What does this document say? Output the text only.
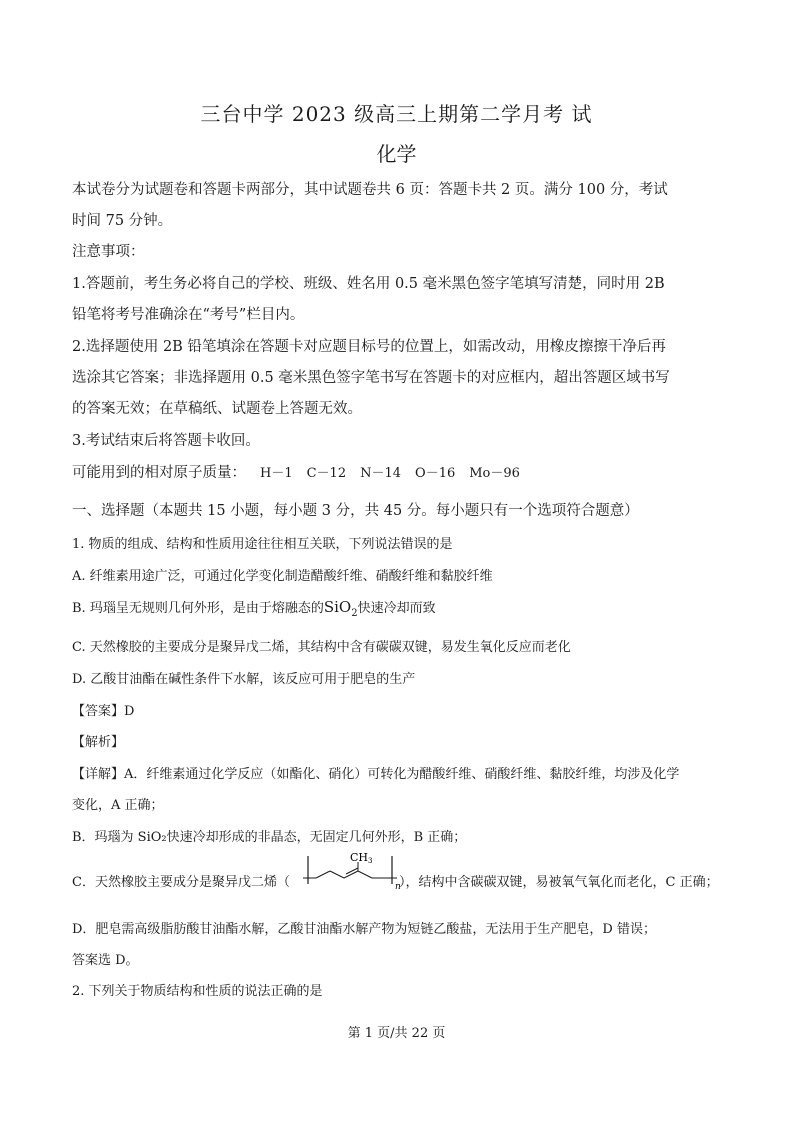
三台中学 2023 级高三上期第二学月考 试
化学
本试卷分为试题卷和答题卡两部分，其中试题卷共 6 页：答题卡共 2 页。满分 100 分，考试
时间 75 分钟。
注意事项：
1.答题前，考生务必将自己的学校、班级、姓名用 0.5 毫米黑色签字笔填写清楚，同时用 2B
铅笔将考号准确涂在“考号”栏目内。
2.选择题使用 2B 铅笔填涂在答题卡对应题目标号的位置上，如需改动，用橡皮擦擦干净后再
选涂其它答案；非选择题用 0.5 毫米黑色签字笔书写在答题卡的对应框内，超出答题区域书写
的答案无效；在草稿纸、试题卷上答题无效。
3.考试结束后将答题卡收回。
可能用到的相对原子质量： H－1 C－12 N－14 O－16 Mo－96
一、选择题（本题共 15 小题，每小题 3 分，共 45 分。每小题只有一个选项符合题意）
1. 物质的组成、结构和性质用途往往相互关联，下列说法错误的是
A. 纤维素用途广泛，可通过化学变化制造醋酸纤维、硝酸纤维和黏胶纤维
B. 玛瑙呈无规则几何外形，是由于熔融态的SiO$_2$快速冷却而致
C. 天然橡胶的主要成分是聚异戊二烯，其结构中含有碳碳双键，易发生氧化反应而老化
D. 乙酸甘油酯在碱性条件下水解，该反应可用于肥皂的生产
【答案】D
【解析】
【详解】A．纤维素通过化学反应（如酯化、硝化）可转化为醋酸纤维、硝酸纤维、黏胶纤维，均涉及化学
变化，A 正确；
B．玛瑙为 SiO₂快速冷却形成的非晶态，无固定几何外形，B 正确；
C．天然橡胶主要成分是聚异戊二烯（
CH 3
n
），结构中含碳碳双键，易被氧气氧化而老化，C 正确；
D．肥皂需高级脂肪酸甘油酯水解，乙酸甘油酯水解产物为短链乙酸盐，无法用于生产肥皂，D 错误；
答案选 D。
2. 下列关于物质结构和性质的说法正确的是
第 1 页/共 22 页
